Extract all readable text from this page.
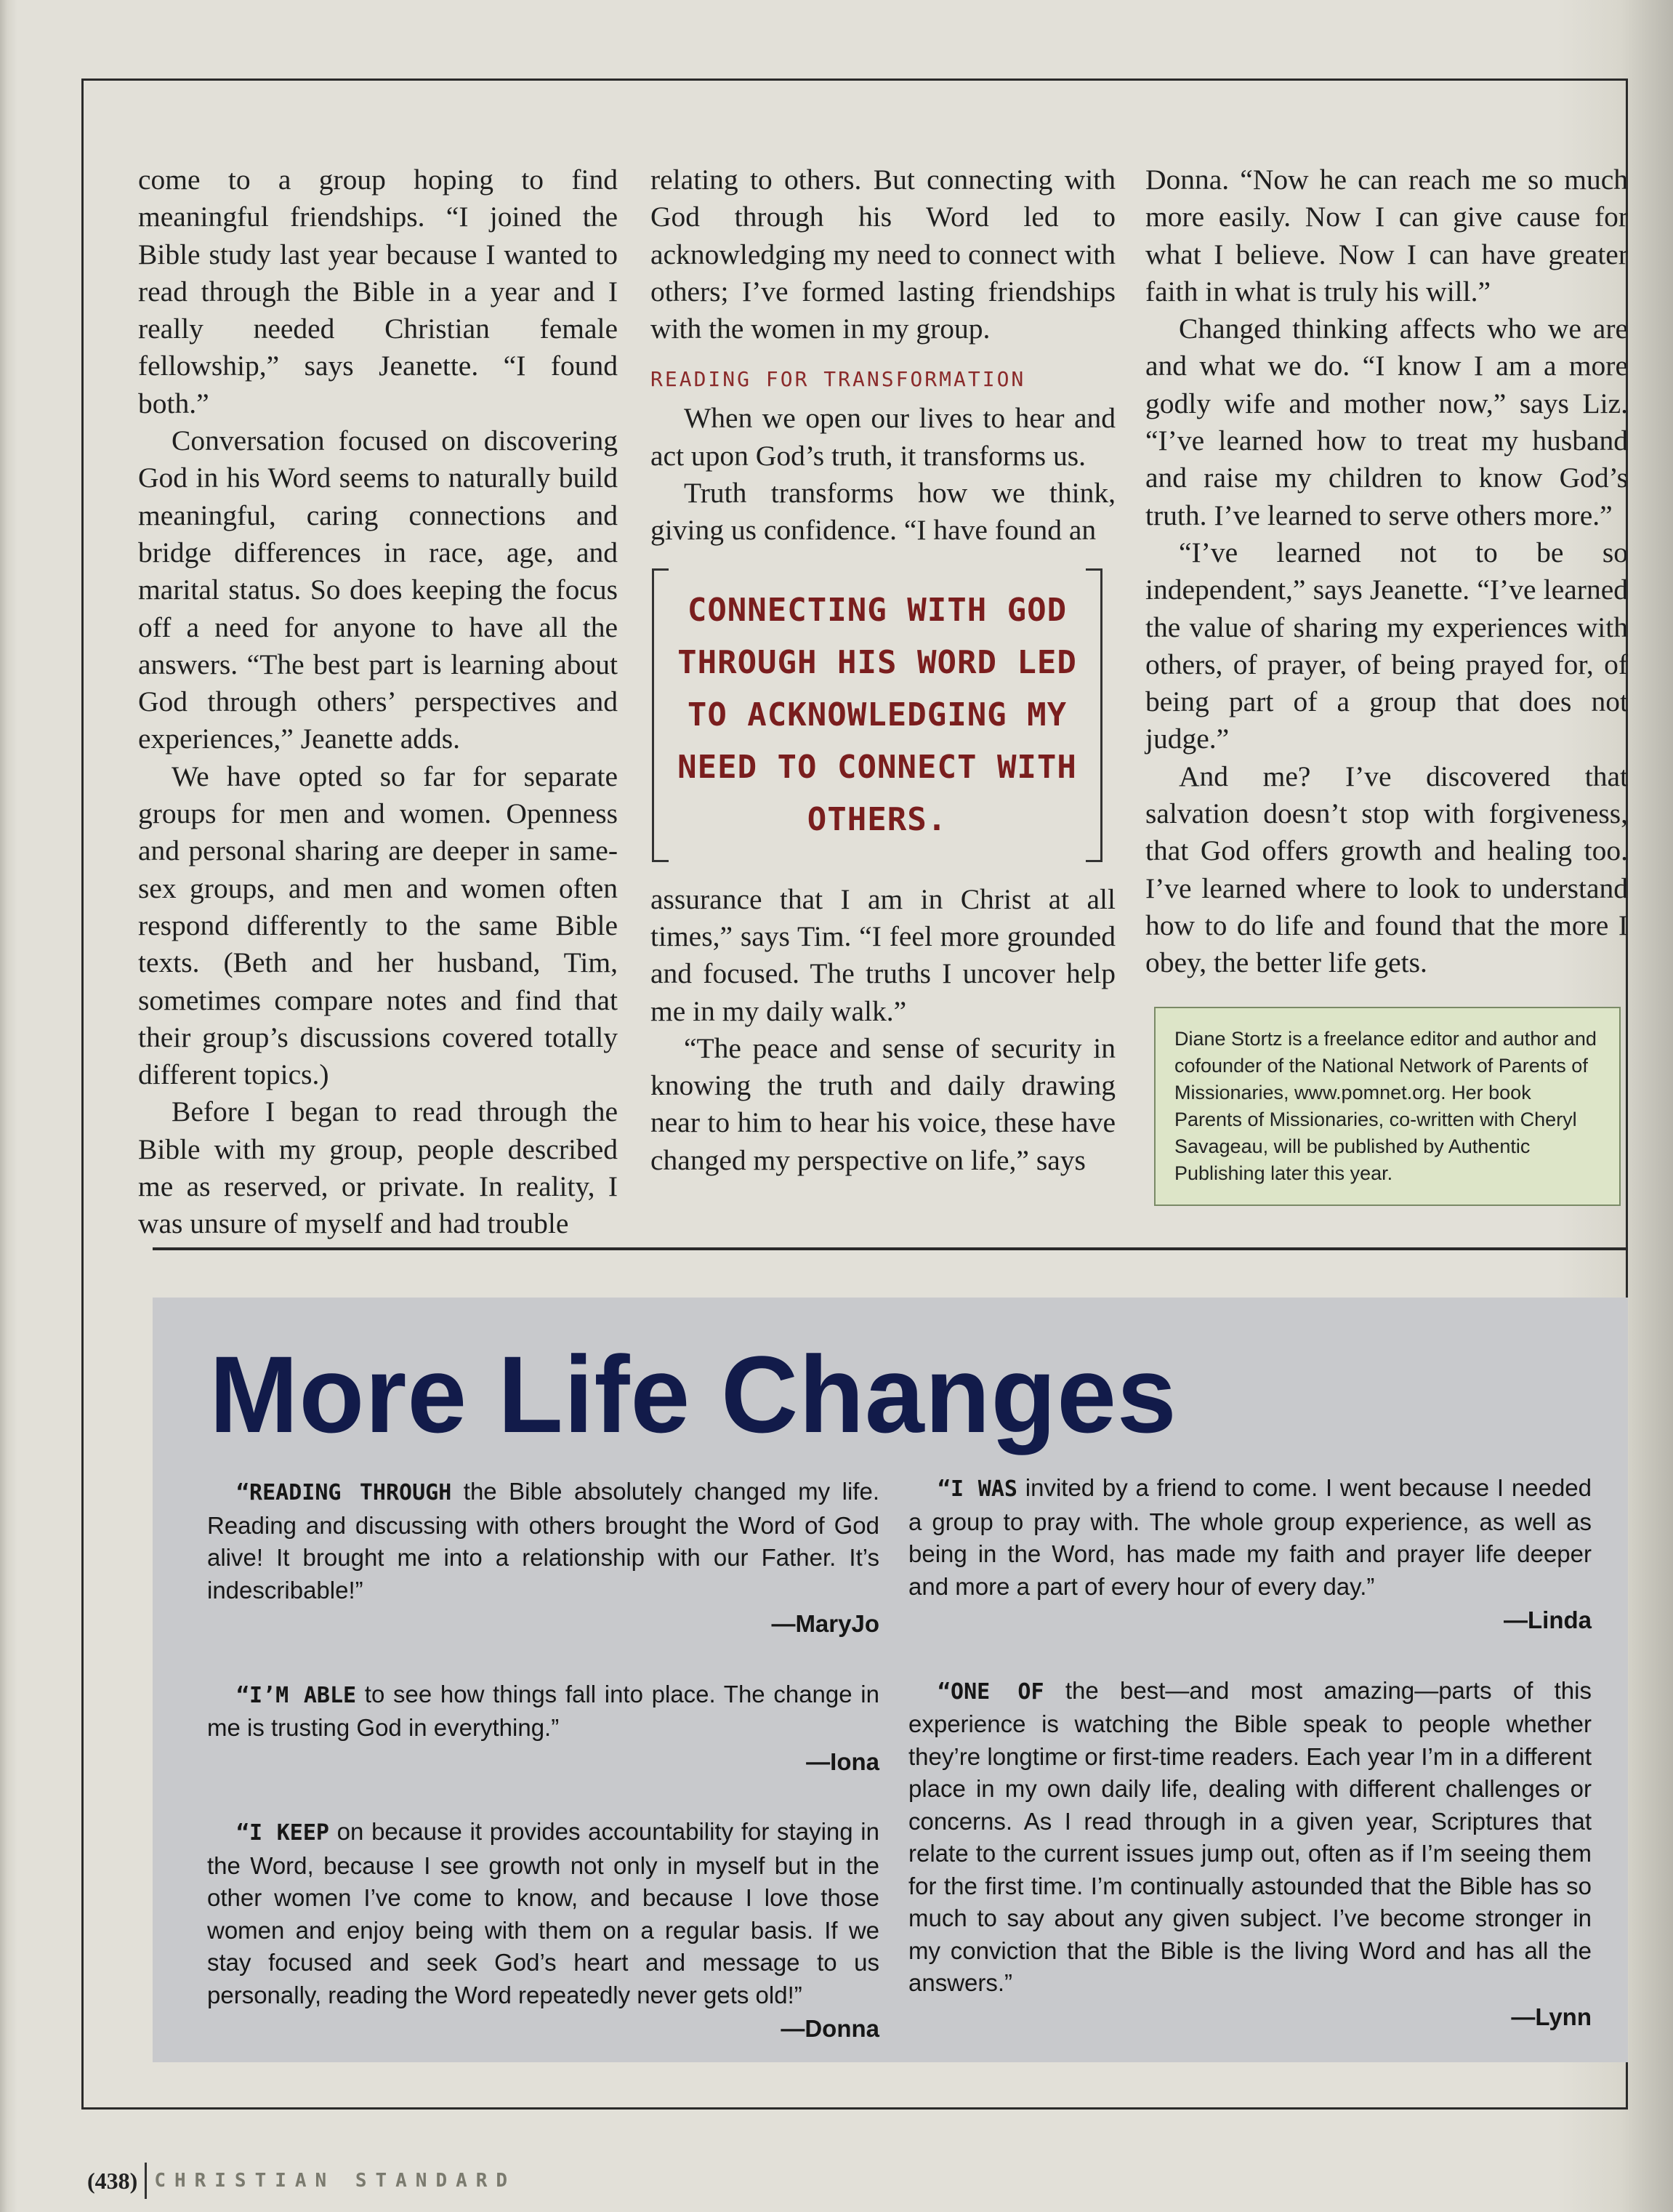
come to a group hoping to find meaningful friendships. “I joined the Bible study last year because I wanted to read through the Bible in a year and I really needed Christian female fellowship,” says Jeanette. “I found both.”

Conversation focused on discovering God in his Word seems to naturally build meaningful, caring connections and bridge differences in race, age, and marital status. So does keeping the focus off a need for anyone to have all the answers. “The best part is learning about God through others’ perspectives and experiences,” Jeanette adds.

We have opted so far for separate groups for men and women. Openness and personal sharing are deeper in same-sex groups, and men and women often respond differently to the same Bible texts. (Beth and her husband, Tim, sometimes compare notes and find that their group’s discussions covered totally different topics.)

Before I began to read through the Bible with my group, people described me as reserved, or private. In reality, I was unsure of myself and had trouble

relating to others. But connecting with God through his Word led to acknowledging my need to connect with others; I’ve formed lasting friendships with the women in my group.

READING FOR TRANSFORMATION

When we open our lives to hear and act upon God’s truth, it transforms us.

Truth transforms how we think, giving us confidence. “I have found an

CONNECTING WITH GOD THROUGH HIS WORD LED TO ACKNOWLEDGING MY NEED TO CONNECT WITH OTHERS.

assurance that I am in Christ at all times,” says Tim. “I feel more grounded and focused. The truths I uncover help me in my daily walk.”

“The peace and sense of security in knowing the truth and daily drawing near to him to hear his voice, these have changed my perspective on life,” says

Donna. “Now he can reach me so much more easily. Now I can give cause for what I believe. Now I can have greater faith in what is truly his will.”

Changed thinking affects who we are and what we do. “I know I am a more godly wife and mother now,” says Liz. “I’ve learned how to treat my husband and raise my children to know God’s truth. I’ve learned to serve others more.”

“I’ve learned not to be so independent,” says Jeanette. “I’ve learned the value of sharing my experiences with others, of prayer, of being prayed for, of being part of a group that does not judge.”

And me? I’ve discovered that salvation doesn’t stop with forgiveness, that God offers growth and healing too. I’ve learned where to look to understand how to do life and found that the more I obey, the better life gets.

Diane Stortz is a freelance editor and author and cofounder of the National Network of Parents of Missionaries, www.pomnet.org. Her book Parents of Missionaries, co-written with Cheryl Savageau, will be published by Authentic Publishing later this year.
More Life Changes
“READING THROUGH the Bible absolutely changed my life. Reading and discussing with others brought the Word of God alive! It brought me into a relationship with our Father. It’s indescribable!”
—MaryJo
“I’M ABLE to see how things fall into place. The change in me is trusting God in everything.”
—Iona
“I KEEP on because it provides accountability for staying in the Word, because I see growth not only in myself but in the other women I’ve come to know, and because I love those women and enjoy being with them on a regular basis. If we stay focused and seek God’s heart and message to us personally, reading the Word repeatedly never gets old!”
—Donna
“I WAS invited by a friend to come. I went because I needed a group to pray with. The whole group experience, as well as being in the Word, has made my faith and prayer life deeper and more a part of every hour of every day.”
—Linda
“ONE OF the best—and most amazing—parts of this experience is watching the Bible speak to people whether they’re longtime or first-time readers. Each year I’m in a different place in my own daily life, dealing with different challenges or concerns. As I read through in a given year, Scriptures that relate to the current issues jump out, often as if I’m seeing them for the first time. I’m continually astounded that the Bible has so much to say about any given subject. I’ve become stronger in my conviction that the Bible is the living Word and has all the answers.”
—Lynn
(438) CHRISTIAN STANDARD
